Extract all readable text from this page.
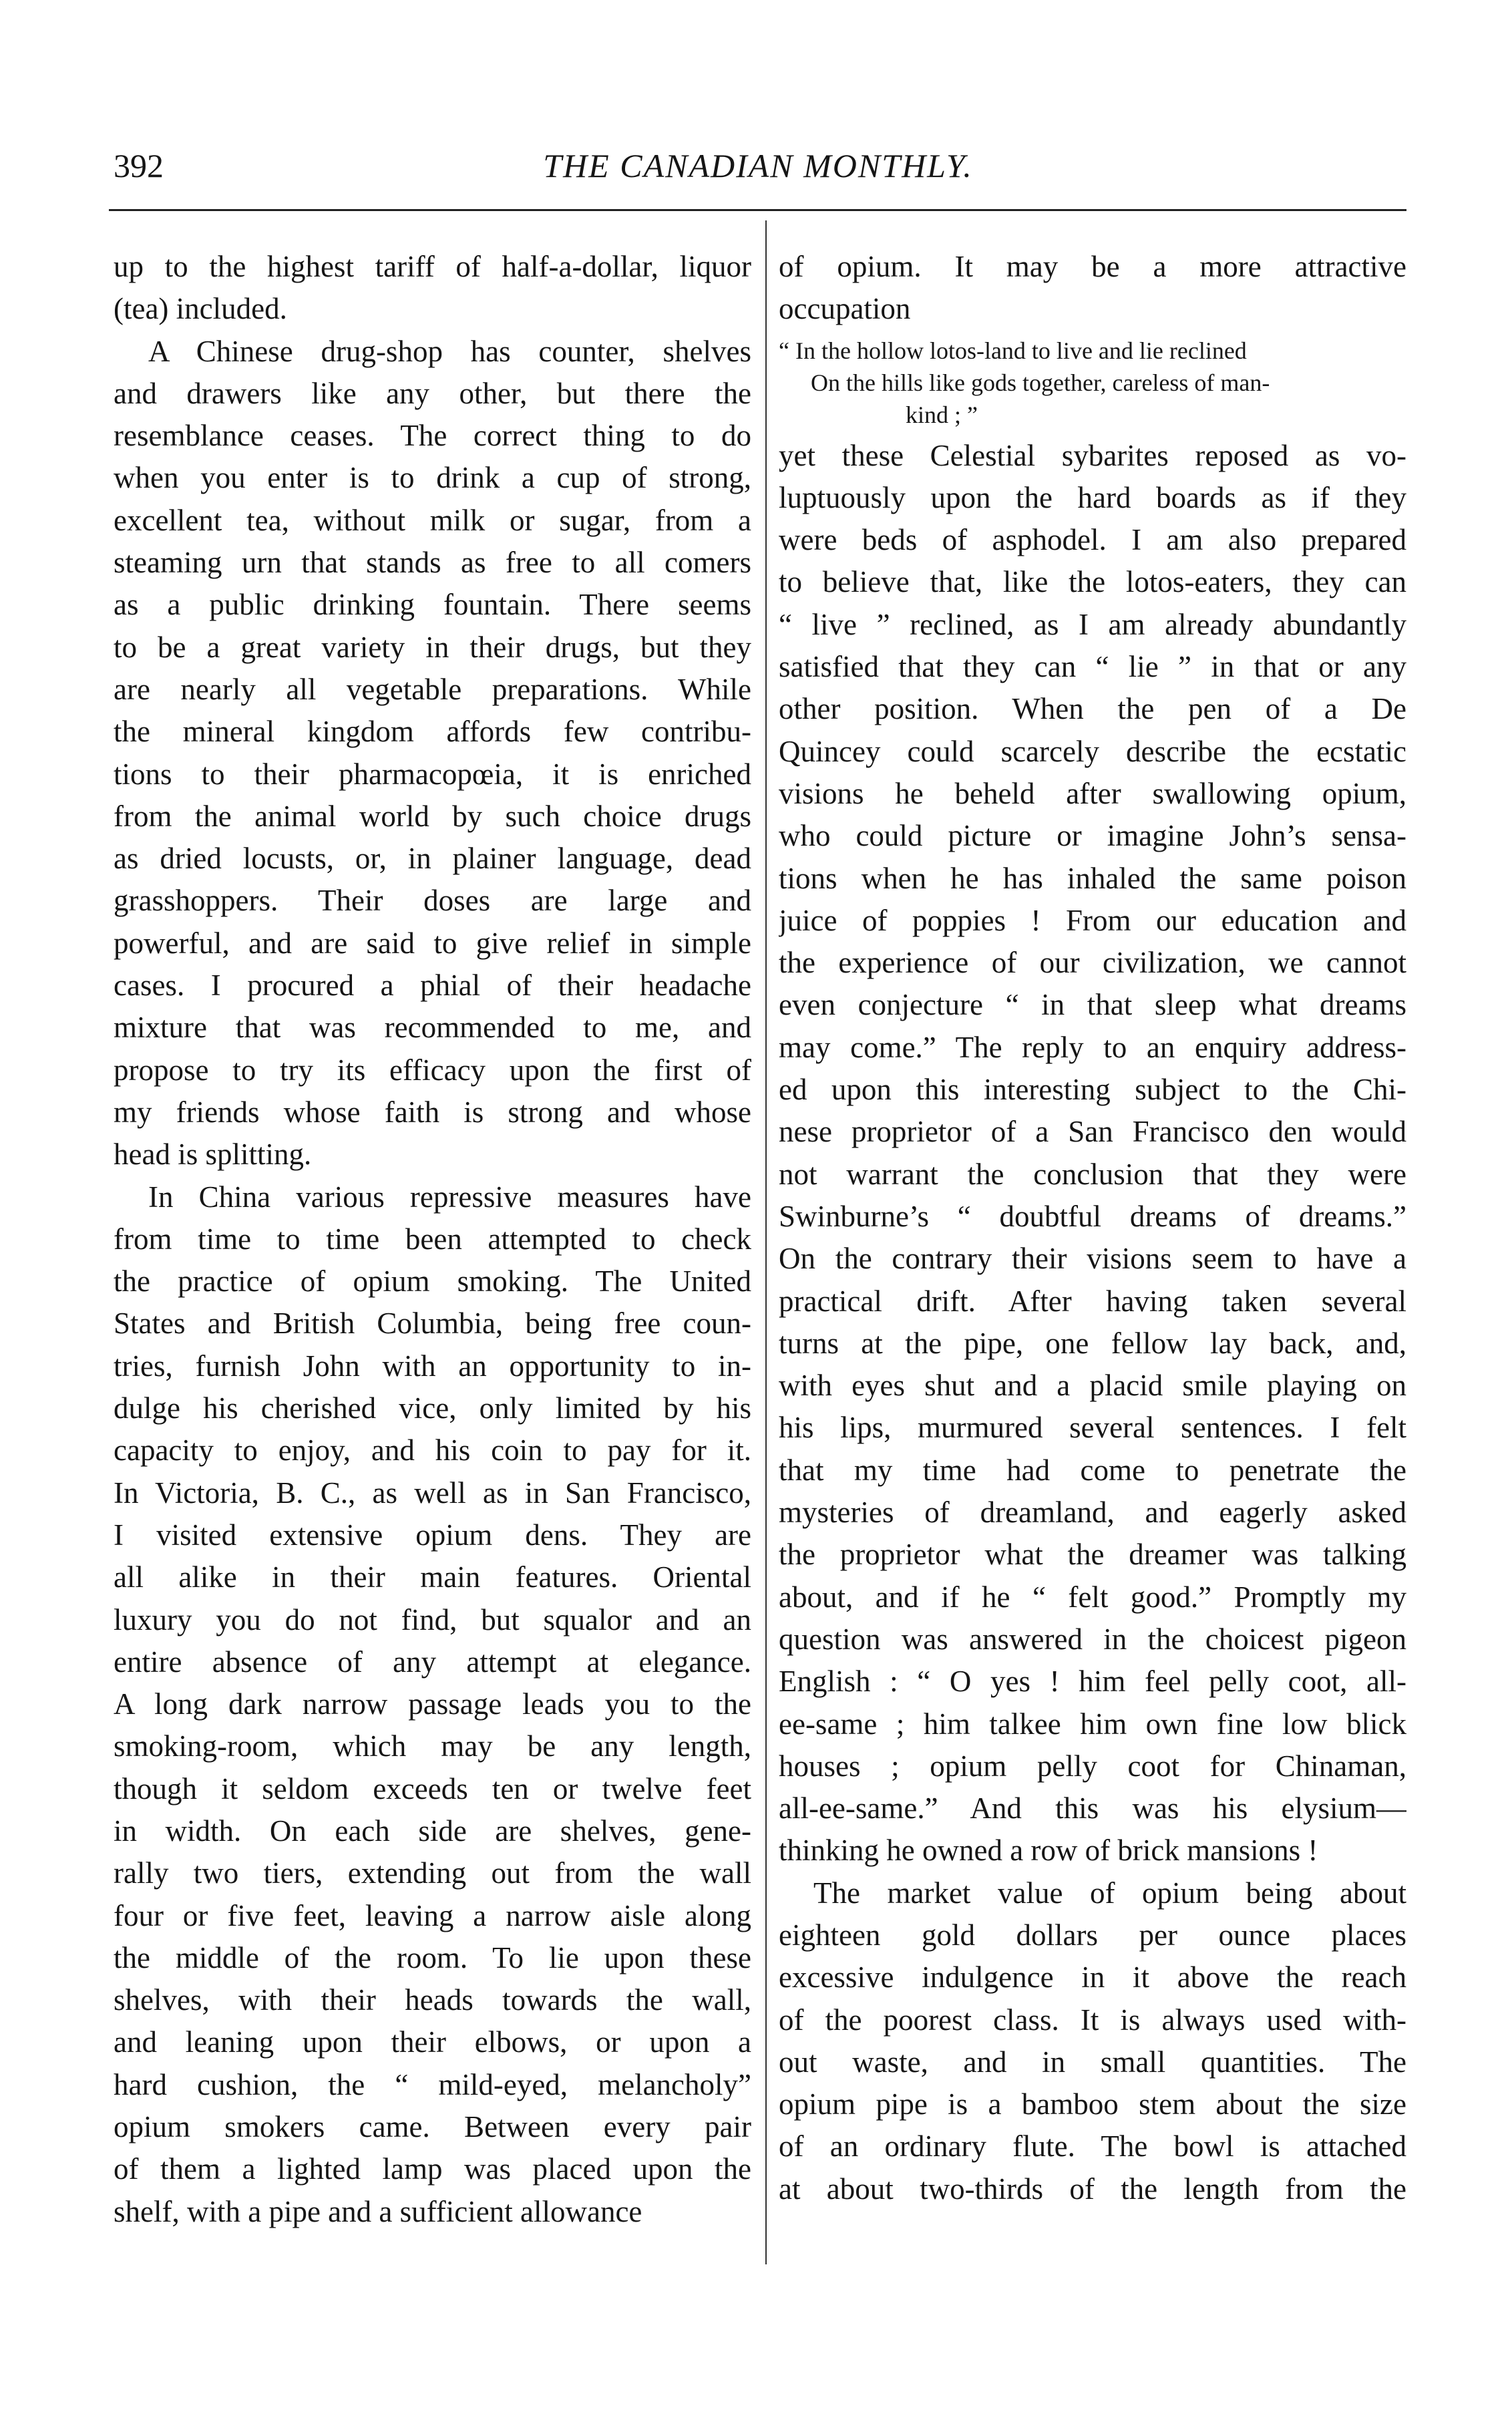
392	THE CANADIAN MONTHLY.
up to the highest tariff of half-a-dollar, liquor
(tea) included.
A Chinese drug-shop has counter, shelves
and drawers like any other, but there the
resemblance ceases. The correct thing to do
when you enter is to drink a cup of strong,
excellent tea, without milk or sugar, from a
steaming urn that stands as free to all comers
as a public drinking fountain. There seems
to be a great variety in their drugs, but they
are nearly all vegetable preparations. While
the mineral kingdom affords few contribu-
tions to their pharmacopœia, it is enriched
from the animal world by such choice drugs
as dried locusts, or, in plainer language, dead
grasshoppers. Their doses are large and
powerful, and are said to give relief in simple
cases. I procured a phial of their headache
mixture that was recommended to me, and
propose to try its efficacy upon the first of
my friends whose faith is strong and whose
head is splitting.
In China various repressive measures have
from time to time been attempted to check
the practice of opium smoking. The United
States and British Columbia, being free coun-
tries, furnish John with an opportunity to in-
dulge his cherished vice, only limited by his
capacity to enjoy, and his coin to pay for it.
In Victoria, B. C., as well as in San Francisco,
I visited extensive opium dens. They are
all alike in their main features. Oriental
luxury you do not find, but squalor and an
entire absence of any attempt at elegance.
A long dark narrow passage leads you to the
smoking-room, which may be any length,
though it seldom exceeds ten or twelve feet
in width. On each side are shelves, gene-
rally two tiers, extending out from the wall
four or five feet, leaving a narrow aisle along
the middle of the room. To lie upon these
shelves, with their heads towards the wall,
and leaning upon their elbows, or upon a
hard cushion, the “ mild-eyed, melancholy”
opium smokers came. Between every pair
of them a lighted lamp was placed upon the
shelf, with a pipe and a sufficient allowance
of opium. It may be a more attractive
occupation
“ In the hollow lotos-land to live and lie reclined
On the hills like gods together, careless of man-
kind ; ”
yet these Celestial sybarites reposed as vo-
luptuously upon the hard boards as if they
were beds of asphodel. I am also prepared
to believe that, like the lotos-eaters, they can
“ live ” reclined, as I am already abundantly
satisfied that they can “ lie ” in that or any
other position. When the pen of a De
Quincey could scarcely describe the ecstatic
visions he beheld after swallowing opium,
who could picture or imagine John’s sensa-
tions when he has inhaled the same poison
juice of poppies ! From our education and
the experience of our civilization, we cannot
even conjecture “ in that sleep what dreams
may come.” The reply to an enquiry address-
ed upon this interesting subject to the Chi-
nese proprietor of a San Francisco den would
not warrant the conclusion that they were
Swinburne’s “ doubtful dreams of dreams.”
On the contrary their visions seem to have a
practical drift. After having taken several
turns at the pipe, one fellow lay back, and,
with eyes shut and a placid smile playing on
his lips, murmured several sentences. I felt
that my time had come to penetrate the
mysteries of dreamland, and eagerly asked
the proprietor what the dreamer was talking
about, and if he “ felt good.” Promptly my
question was answered in the choicest pigeon
English : “ O yes ! him feel pelly coot, all-
ee-same ; him talkee him own fine low blick
houses ; opium pelly coot for Chinaman,
all-ee-same.” And this was his elysium—
thinking he owned a row of brick mansions !
The market value of opium being about
eighteen gold dollars per ounce places
excessive indulgence in it above the reach
of the poorest class. It is always used with-
out waste, and in small quantities. The
opium pipe is a bamboo stem about the size
of an ordinary flute. The bowl is attached
at about two-thirds of the length from the
